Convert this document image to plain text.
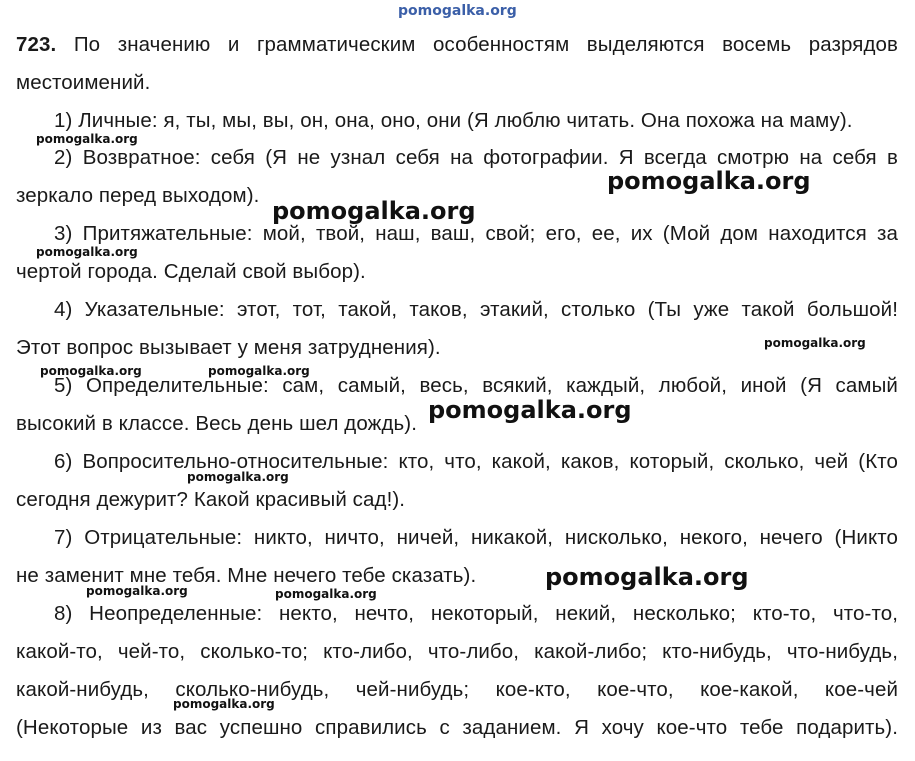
723. По значению и грамматическим особенностям выделяются восемь разрядов
местоимений.
1) Личные: я, ты, мы, вы, он, она, оно, они (Я люблю читать. Она похожа на маму).
2) Возвратное: себя (Я не узнал себя на фотографии. Я всегда смотрю на себя в
зеркало перед выходом).
3) Притяжательные: мой, твой, наш, ваш, свой; его, ее, их (Мой дом находится за
чертой города. Сделай свой выбор).
4) Указательные: этот, тот, такой, таков, этакий, столько (Ты уже такой большой!
Этот вопрос вызывает у меня затруднения).
5) Определительные: сам, самый, весь, всякий, каждый, любой, иной (Я самый
высокий в классе. Весь день шел дождь).
6) Вопросительно-относительные: кто, что, какой, каков, который, сколько, чей (Кто
сегодня дежурит? Какой красивый сад!).
7) Отрицательные: никто, ничто, ничей, никакой, нисколько, некого, нечего (Никто
не заменит мне тебя. Мне нечего тебе сказать).
8) Неопределенные: некто, нечто, некоторый, некий, несколько; кто-то, что-то,
какой-то, чей-то, сколько-то; кто-либо, что-либо, какой-либо; кто-нибудь, что-нибудь,
какой-нибудь, сколько-нибудь, чей-нибудь; кое-кто, кое-что, кое-какой, кое-чей
(Некоторые из вас успешно справились с заданием. Я хочу кое-что тебе подарить).
pomogalka.org
pomogalka.org
pomogalka.org
pomogalka.org
pomogalka.org
pomogalka.org
pomogalka.org	pomogalka.org
pomogalka.org
pomogalka.org
pomogalka.org
pomogalka.org	pomogalka.org
pomogalka.org
